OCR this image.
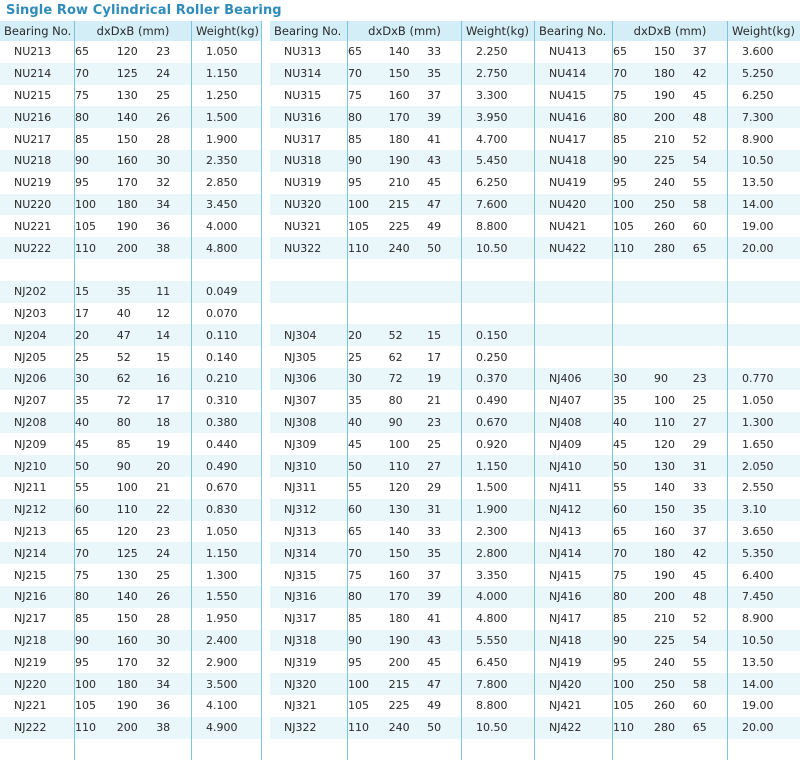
Single Row Cylindrical Roller Bearing
Bearing No.	dxDxB (mm)	Weight(kg)
NU213	65	120	23	1.050
NU214	70	125	24	1.150
NU215	75	130	25	1.250
NU216	80	140	26	1.500
NU217	85	150	28	1.900
NU218	90	160	30	2.350
NU219	95	170	32	2.850
NU220	100	180	34	3.450
NU221	105	190	36	4.000
NU222	110	200	38	4.800
NJ202	15	35	11	0.049
NJ203	17	40	12	0.070
NJ204	20	47	14	0.110
NJ205	25	52	15	0.140
NJ206	30	62	16	0.210
NJ207	35	72	17	0.310
NJ208	40	80	18	0.380
NJ209	45	85	19	0.440
NJ210	50	90	20	0.490
NJ211	55	100	21	0.670
NJ212	60	110	22	0.830
NJ213	65	120	23	1.050
NJ214	70	125	24	1.150
NJ215	75	130	25	1.300
NJ216	80	140	26	1.550
NJ217	85	150	28	1.950
NJ218	90	160	30	2.400
NJ219	95	170	32	2.900
NJ220	100	180	34	3.500
NJ221	105	190	36	4.100
NJ222	110	200	38	4.900
Bearing No.	dxDxB (mm)	Weight(kg)
NU313	65	140	33	2.250
NU314	70	150	35	2.750
NU315	75	160	37	3.300
NU316	80	170	39	3.950
NU317	85	180	41	4.700
NU318	90	190	43	5.450
NU319	95	210	45	6.250
NU320	100	215	47	7.600
NU321	105	225	49	8.800
NU322	110	240	50	10.50
NJ304	20	52	15	0.150
NJ305	25	62	17	0.250
NJ306	30	72	19	0.370
NJ307	35	80	21	0.490
NJ308	40	90	23	0.670
NJ309	45	100	25	0.920
NJ310	50	110	27	1.150
NJ311	55	120	29	1.500
NJ312	60	130	31	1.900
NJ313	65	140	33	2.300
NJ314	70	150	35	2.800
NJ315	75	160	37	3.350
NJ316	80	170	39	4.000
NJ317	85	180	41	4.800
NJ318	90	190	43	5.550
NJ319	95	200	45	6.450
NJ320	100	215	47	7.800
NJ321	105	225	49	8.800
NJ322	110	240	50	10.50
Bearing No.	dxDxB (mm)	Weight(kg)
NU413	65	150	37	3.600
NU414	70	180	42	5.250
NU415	75	190	45	6.250
NU416	80	200	48	7.300
NU417	85	210	52	8.900
NU418	90	225	54	10.50
NU419	95	240	55	13.50
NU420	100	250	58	14.00
NU421	105	260	60	19.00
NU422	110	280	65	20.00
NJ406	30	90	23	0.770
NJ407	35	100	25	1.050
NJ408	40	110	27	1.300
NJ409	45	120	29	1.650
NJ410	50	130	31	2.050
NJ411	55	140	33	2.550
NJ412	60	150	35	3.10
NJ413	65	160	37	3.650
NJ414	70	180	42	5.350
NJ415	75	190	45	6.400
NJ416	80	200	48	7.450
NJ417	85	210	52	8.900
NJ418	90	225	54	10.50
NJ419	95	240	55	13.50
NJ420	100	250	58	14.00
NJ421	105	260	60	19.00
NJ422	110	280	65	20.00
